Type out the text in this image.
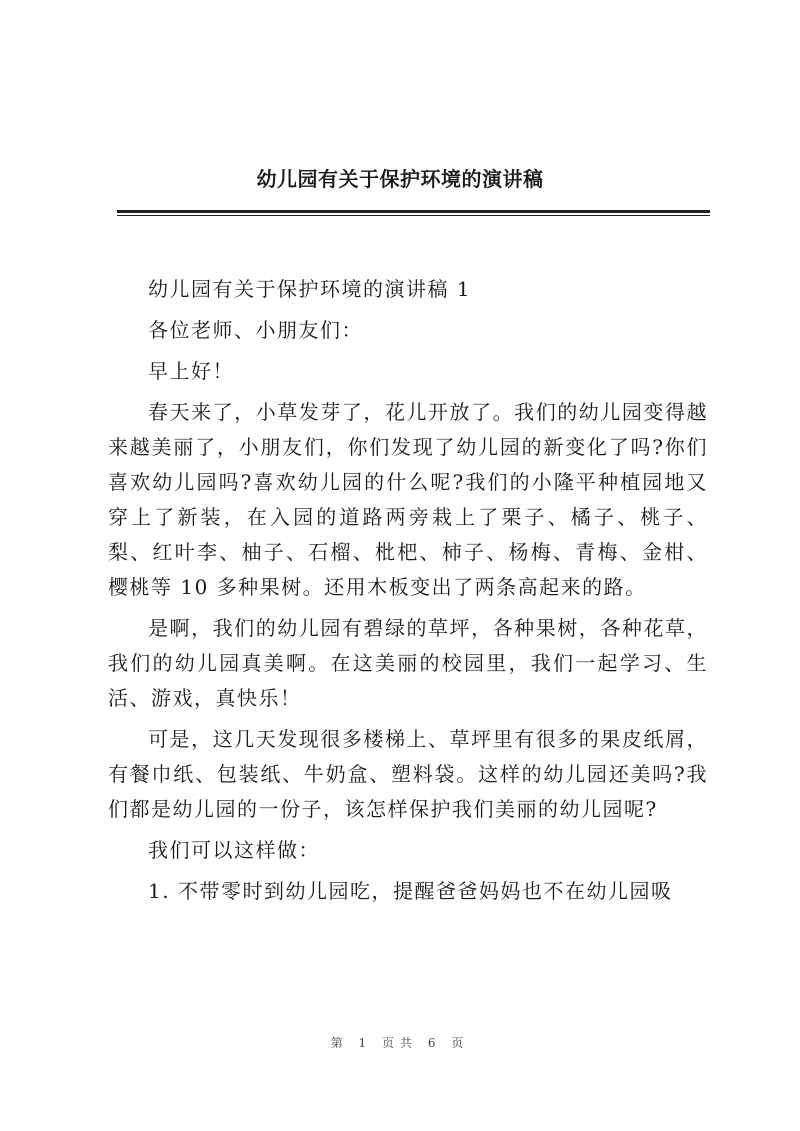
幼儿园有关于保护环境的演讲稿

幼儿园有关于保护环境的演讲稿 1

各位老师、小朋友们：

早上好！

春天来了，小草发芽了，花儿开放了。我们的幼儿园变得越来越美丽了，小朋友们，你们发现了幼儿园的新变化了吗?你们喜欢幼儿园吗?喜欢幼儿园的什么呢?我们的小隆平种植园地又穿上了新装，在入园的道路两旁栽上了栗子、橘子、桃子、梨、红叶李、柚子、石榴、枇杷、柿子、杨梅、青梅、金柑、樱桃等 10 多种果树。还用木板变出了两条高起来的路。

是啊，我们的幼儿园有碧绿的草坪，各种果树，各种花草，我们的幼儿园真美啊。在这美丽的校园里，我们一起学习、生活、游戏，真快乐！

可是，这几天发现很多楼梯上、草坪里有很多的果皮纸屑，有餐巾纸、包装纸、牛奶盒、塑料袋。这样的幼儿园还美吗?我们都是幼儿园的一份子，该怎样保护我们美丽的幼儿园呢?

我们可以这样做：

1. 不带零时到幼儿园吃，提醒爸爸妈妈也不在幼儿园吸

第 1 页共 6 页
